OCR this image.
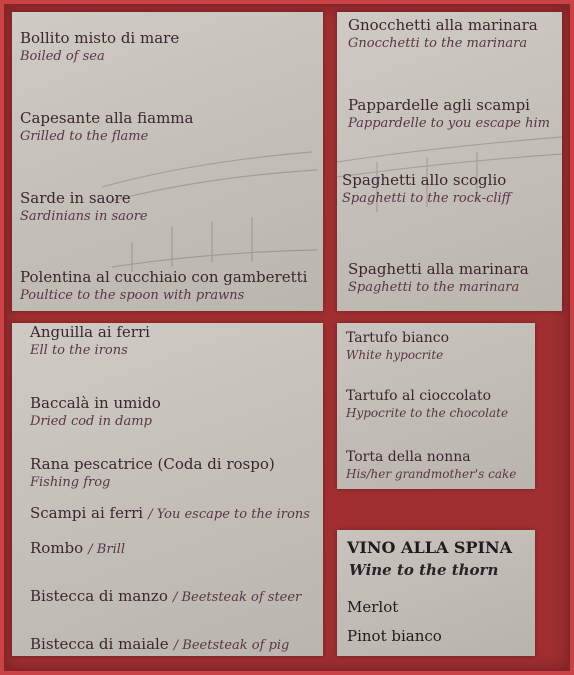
Bollito misto di mare
Boiled of sea
Capesante alla fiamma
Grilled to the flame
Sarde in saore
Sardinians in saore
Polentina al cucchiaio con gamberetti
Poultice to the spoon with prawns
Gnocchetti alla marinara
Gnocchetti to the marinara
Pappardelle agli scampi
Pappardelle to you escape him
Spaghetti allo scoglio
Spaghetti to the rock-cliff
Spaghetti alla marinara
Spaghetti to the marinara
Anguilla ai ferri
Ell to the irons
Baccalà in umido
Dried cod in damp
Rana pescatrice (Coda di rospo)
Fishing frog
Scampi ai ferri / You escape to the irons
Rombo / Brill
Bistecca di manzo / Beetsteak of steer
Bistecca di maiale / Beetsteak of pig
Tartufo bianco
White hypocrite
Tartufo al cioccolato
Hypocrite to the chocolate
Torta della nonna
His/her grandmother's cake
VINO ALLA SPINA
Wine to the thorn
Merlot
Pinot bianco
